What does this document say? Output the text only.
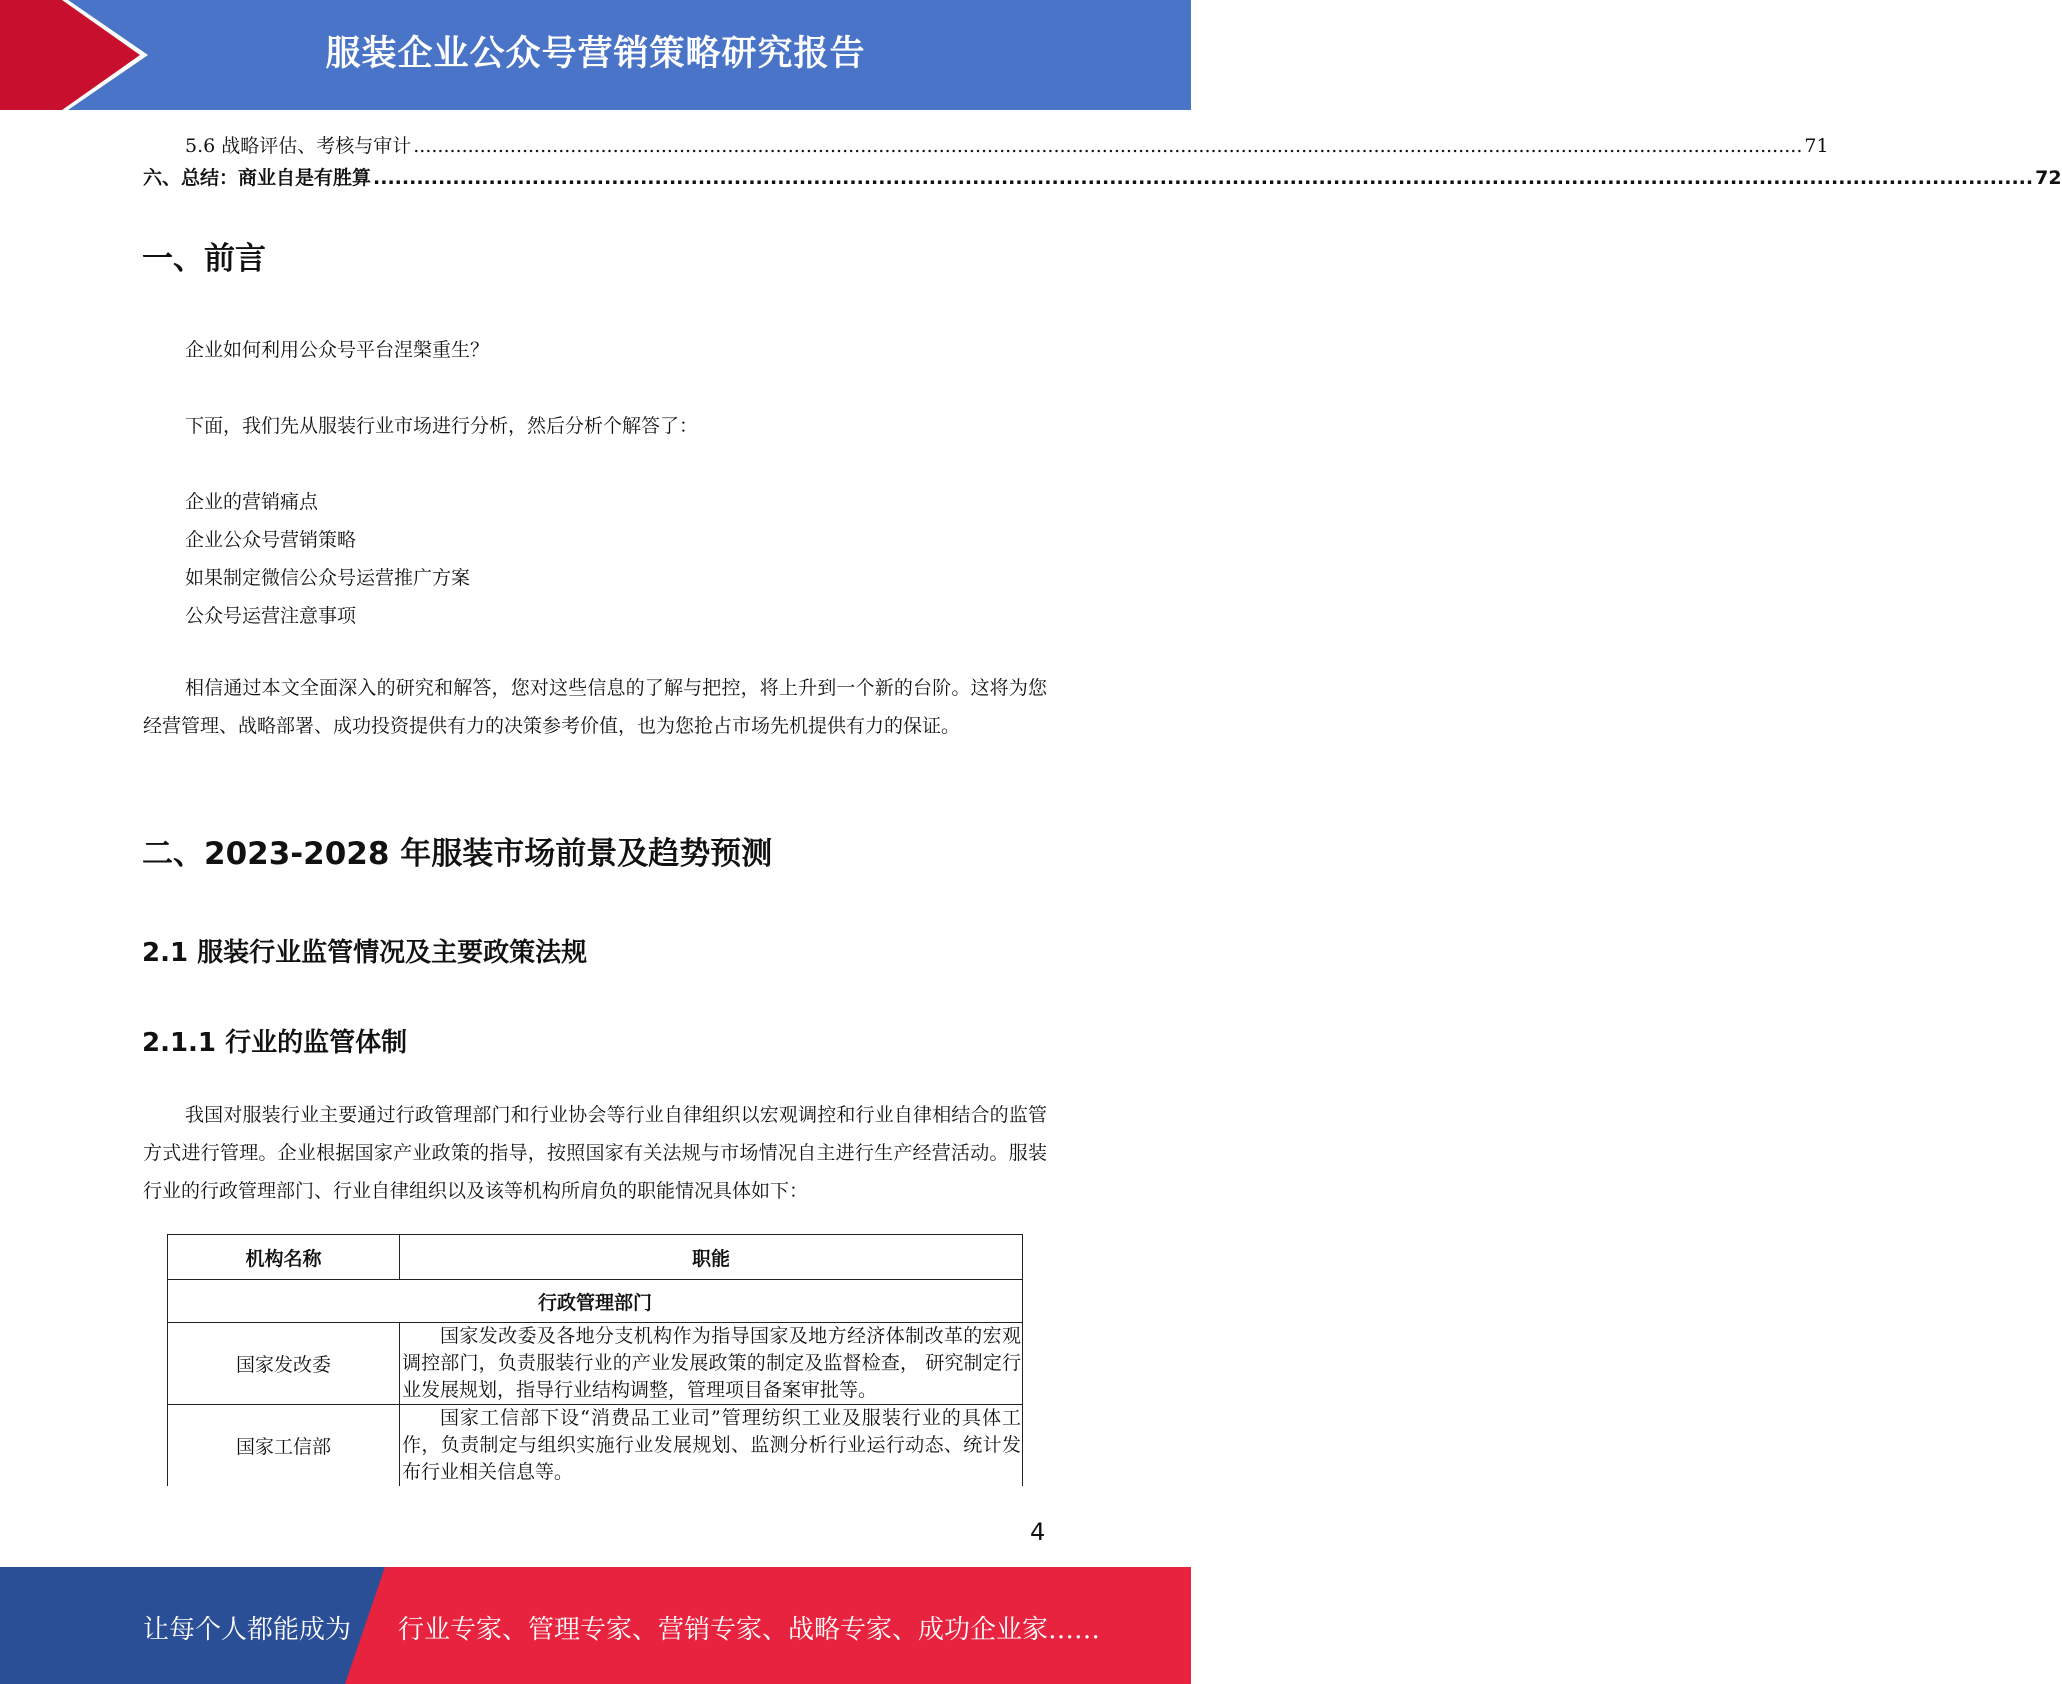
服装企业公众号营销策略研究报告
5.6 战略评估、考核与审计 ...................................................................................................................................................................................................................................... 71
六、总结：商业自是有胜算 ...................................................................................................................................................................................................................................... 72
一、前言
企业如何利用公众号平台涅槃重生？
下面，我们先从服装行业市场进行分析，然后分析个解答了：
企业的营销痛点
企业公众号营销策略
如果制定微信公众号运营推广方案
公众号运营注意事项
相信通过本文全面深入的研究和解答，您对这些信息的了解与把控，将上升到一个新的台阶。这将为您经营管理、战略部署、成功投资提供有力的决策参考价值，也为您抢占市场先机提供有力的保证。
二、2023-2028 年服装市场前景及趋势预测
2.1 服装行业监管情况及主要政策法规
2.1.1 行业的监管体制
我国对服装行业主要通过行政管理部门和行业协会等行业自律组织以宏观调控和行业自律相结合的监管方式进行管理。企业根据国家产业政策的指导，按照国家有关法规与市场情况自主进行生产经营活动。服装行业的行政管理部门、行业自律组织以及该等机构所肩负的职能情况具体如下：
机构名称	职能
行政管理部门	
国家发改委	国家发改委及各地分支机构作为指导国家及地方经济体制改革的宏观调控部门，负责服装行业的产业发展政策的制定及监督检查， 研究制定行业发展规划，指导行业结构调整，管理项目备案审批等。
国家工信部	国家工信部下设“消费品工业司”管理纺织工业及服装行业的具体工作，负责制定与组织实施行业发展规划、监测分析行业运行动态、统计发布行业相关信息等。
4
让每个人都能成为 行业专家、管理专家、营销专家、战略专家、成功企业家……
